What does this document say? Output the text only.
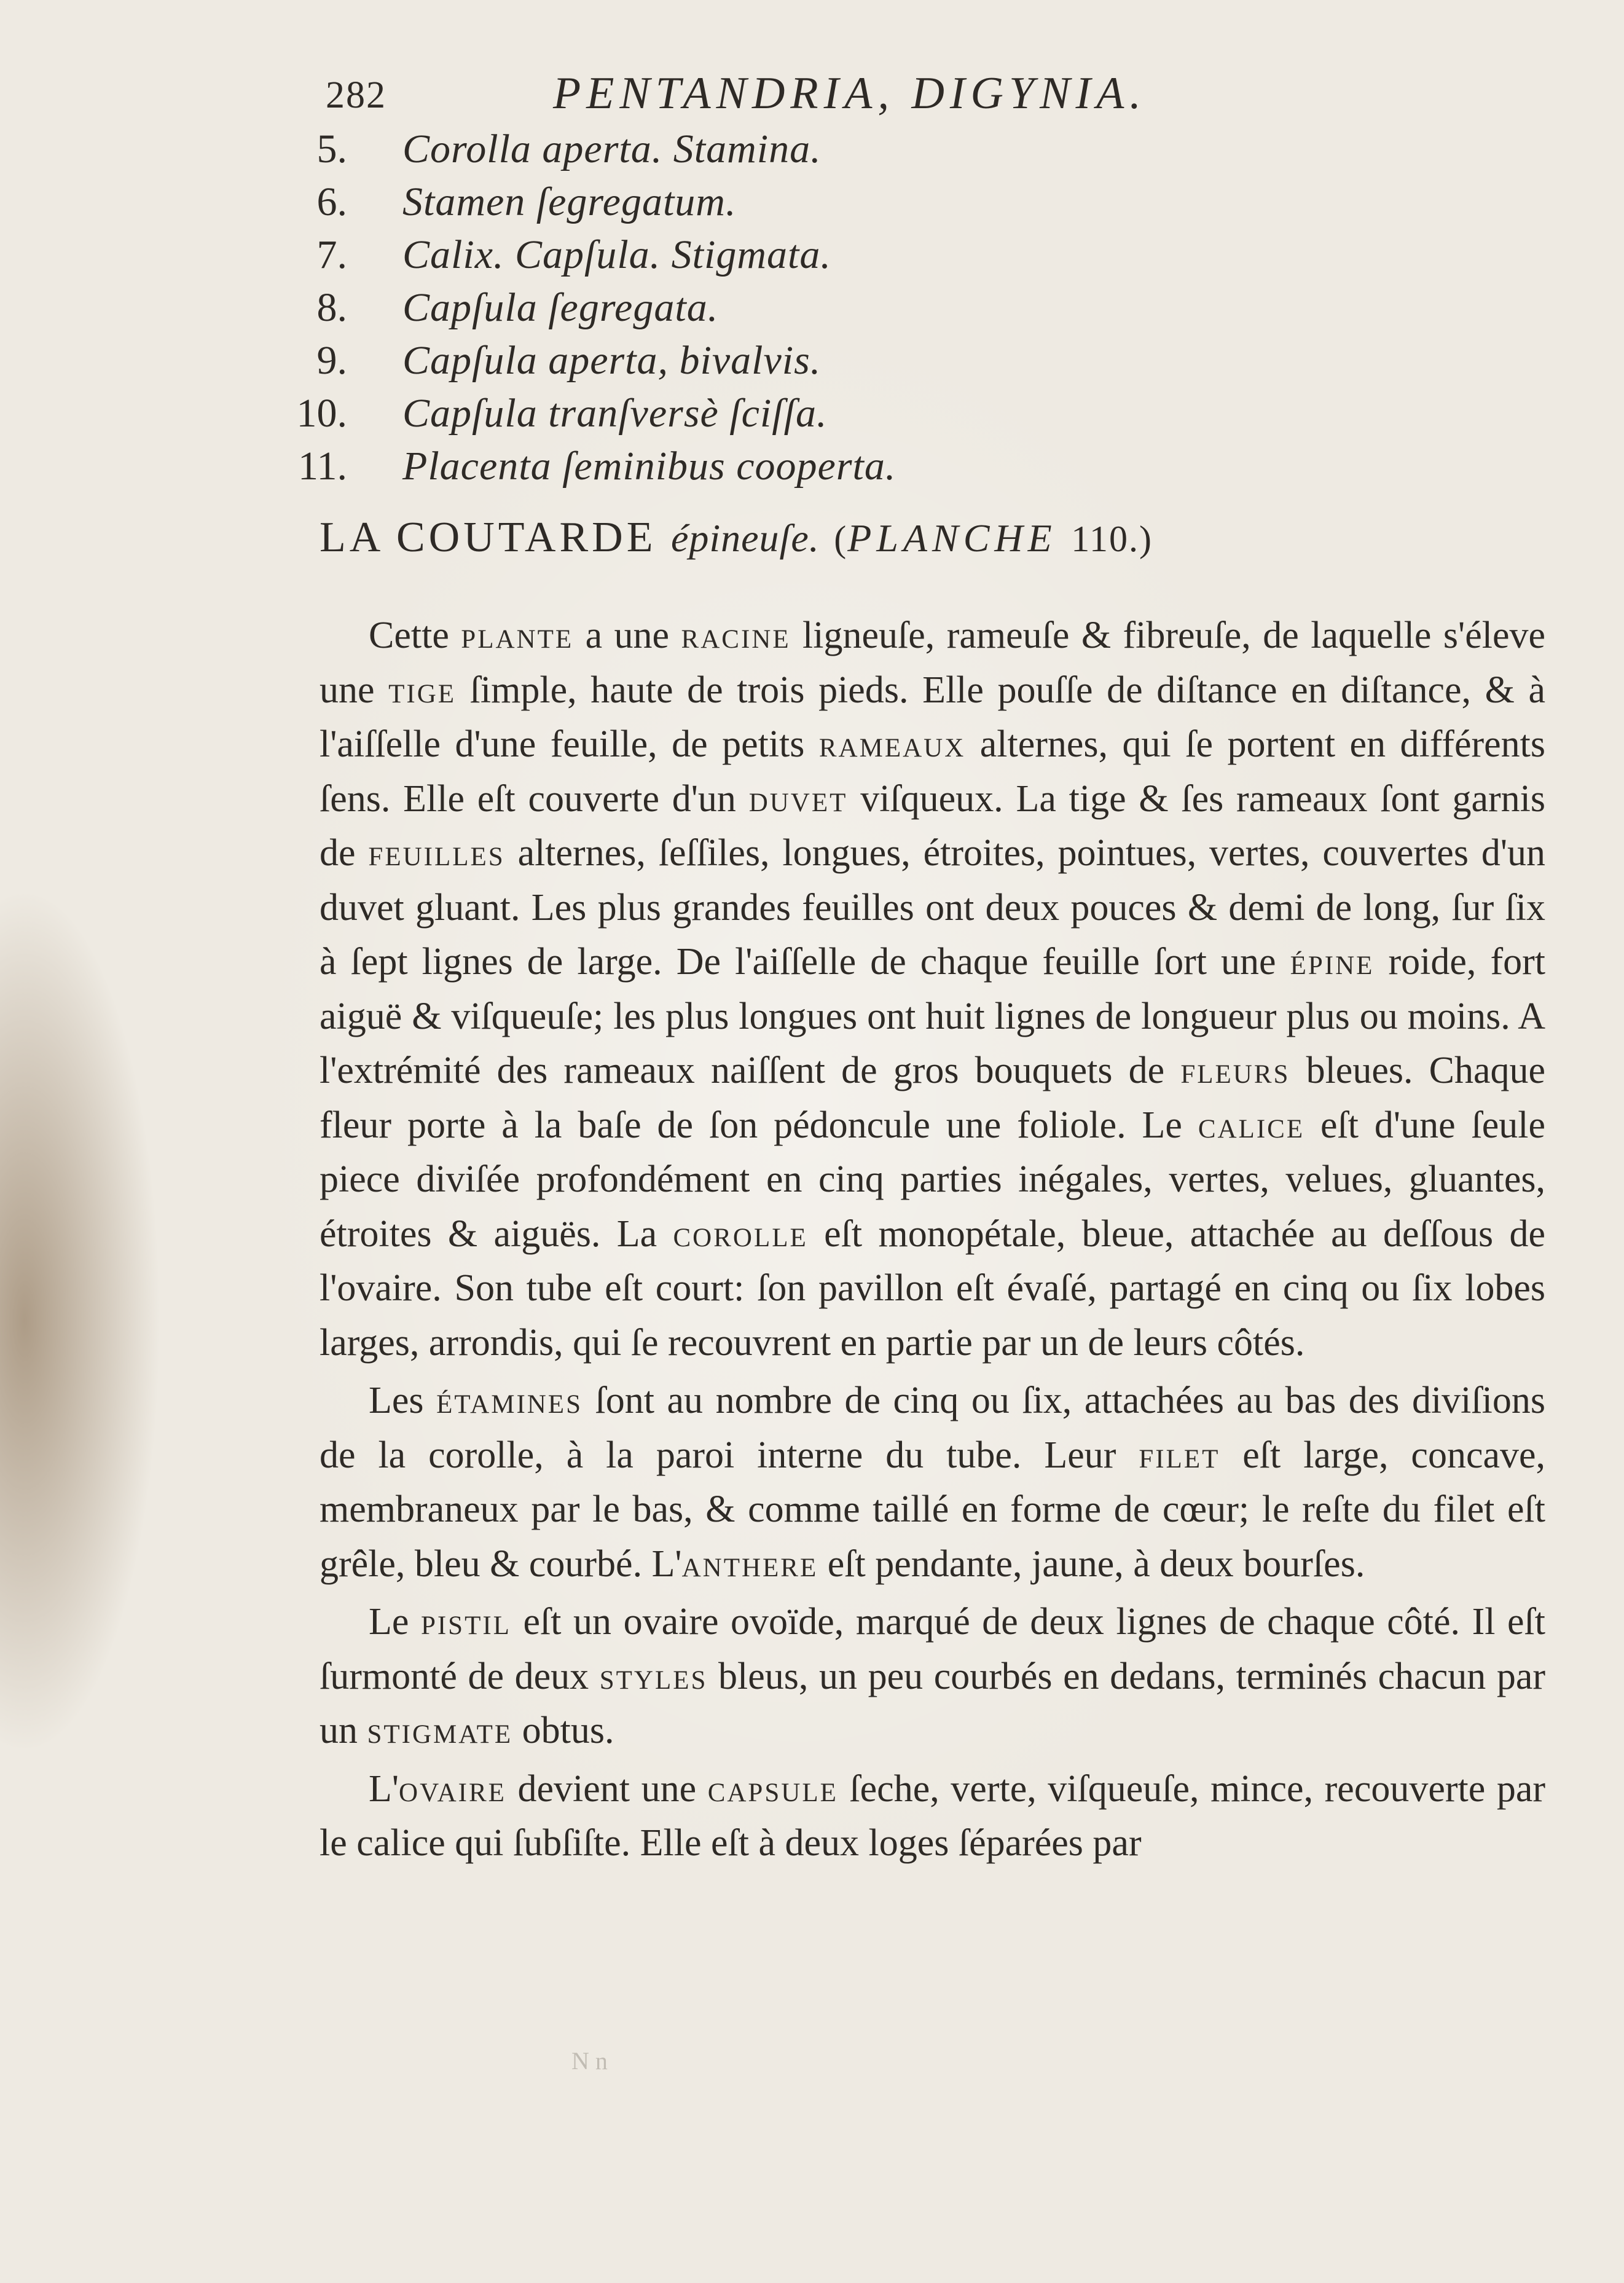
282	PENTANDRIA, DIGYNIA.
5. Corolla aperta. Stamina.
6. Stamen ſegregatum.
7. Calix. Capſula. Stigmata.
8. Capſula ſegregata.
9. Capſula aperta, bivalvis.
10. Capſula tranſversè ſciſſa.
11. Placenta ſeminibus cooperta.
LA COUTARDE épineuſe. (PLANCHE 110.)

Cette plante a une racine ligneuſe, rameuſe & fibreuſe, de laquelle s'éleve une tige ſimple, haute de trois pieds. Elle pouſſe de diſtance en diſtance, & à l'aiſſelle d'une feuille, de petits rameaux alternes, qui ſe portent en différents ſens. Elle eſt couverte d'un duvet viſqueux. La tige & ſes rameaux ſont garnis de feuilles alternes, ſeſſiles, longues, étroites, pointues, vertes, couvertes d'un duvet gluant. Les plus grandes feuilles ont deux pouces & demi de long, ſur ſix à ſept lignes de large. De l'aiſſelle de chaque feuille ſort une épine roide, fort aiguë & viſqueuſe; les plus longues ont huit lignes de longueur plus ou moins. A l'extrémité des rameaux naiſſent de gros bouquets de fleurs bleues. Chaque fleur porte à la baſe de ſon pédoncule une foliole. Le calice eſt d'une ſeule piece diviſée profondément en cinq parties inégales, vertes, velues, gluantes, étroites & aiguës. La corolle eſt monopétale, bleue, attachée au deſſous de l'ovaire. Son tube eſt court: ſon pavillon eſt évaſé, partagé en cinq ou ſix lobes larges, arrondis, qui ſe recouvrent en partie par un de leurs côtés.

Les étamines ſont au nombre de cinq ou ſix, attachées au bas des diviſions de la corolle, à la paroi interne du tube. Leur filet eſt large, concave, membraneux par le bas, & comme taillé en forme de cœur; le reſte du filet eſt grêle, bleu & courbé. L'anthere eſt pendante, jaune, à deux bourſes.

Le pistil eſt un ovaire ovoïde, marqué de deux lignes de chaque côté. Il eſt ſurmonté de deux styles bleus, un peu courbés en dedans, terminés chacun par un stigmate obtus.

L'ovaire devient une capsule ſeche, verte, viſqueuſe, mince, recouverte par le calice qui ſubſiſte. Elle eſt à deux loges ſéparées par

N n
